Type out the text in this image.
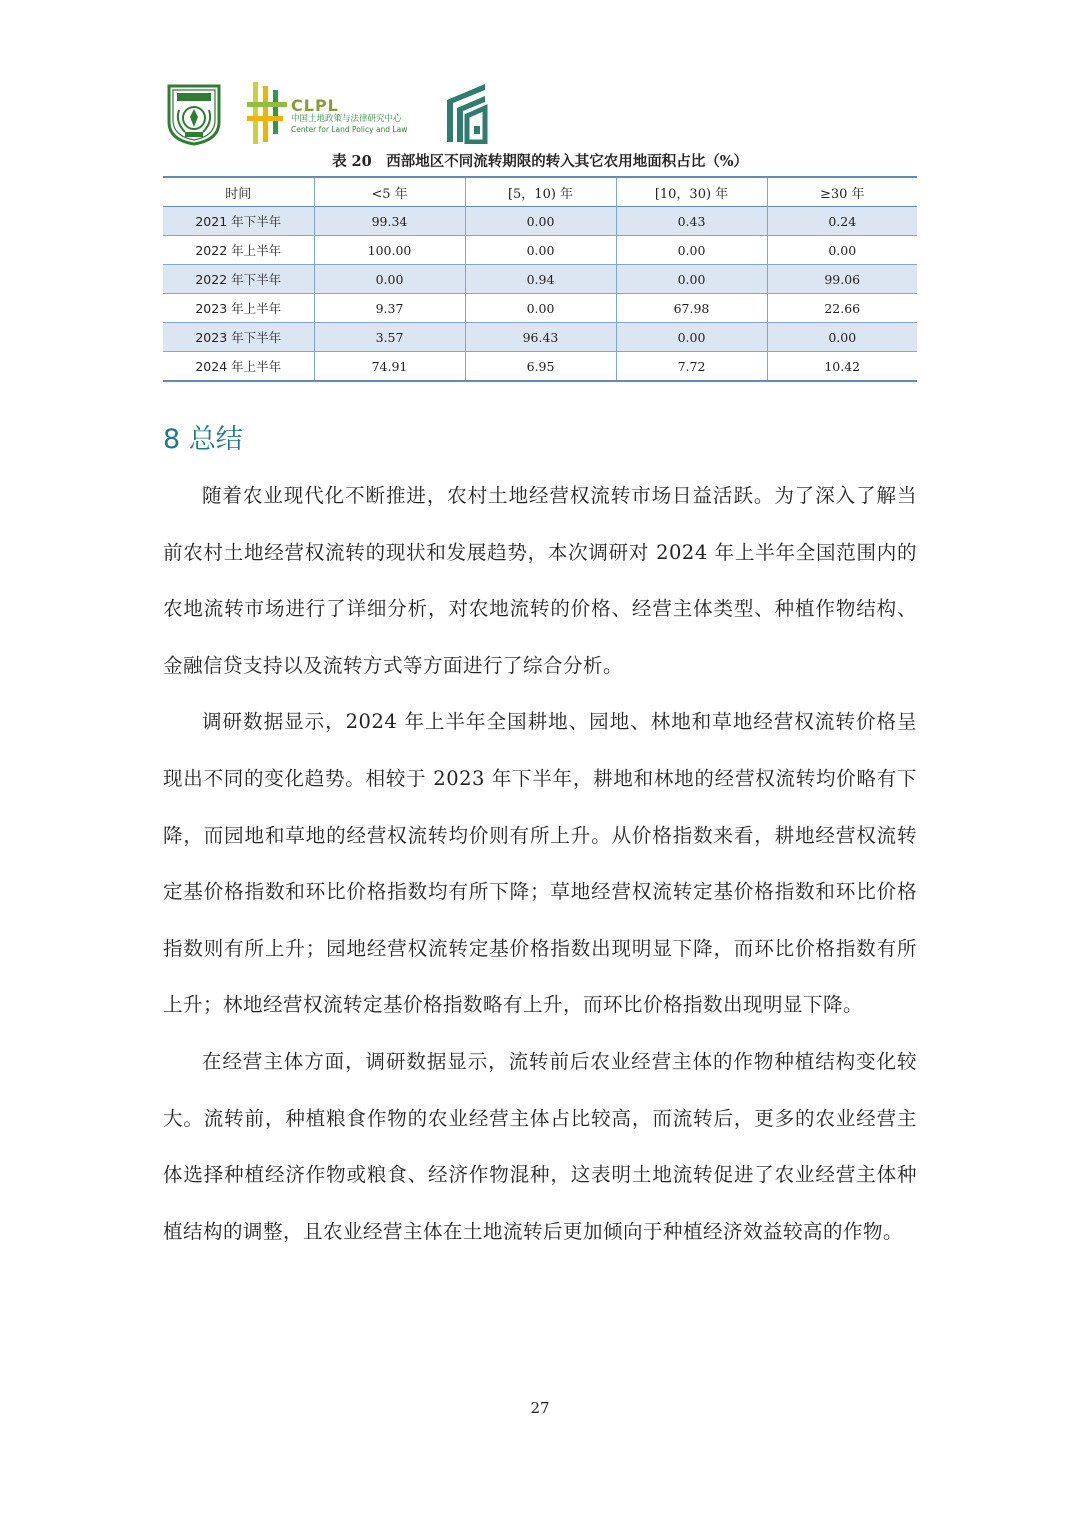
CLPL
中国土地政策与法律研究中心
Center for Land Policy and Law
表 20　西部地区不同流转期限的转入其它农用地面积占比（%）
时间	<5 年	[5，10) 年	[10，30) 年	≥30 年
2021 年下半年	99.34	0.00	0.43	0.24
2022 年上半年	100.00	0.00	0.00	0.00
2022 年下半年	0.00	0.94	0.00	99.06
2023 年上半年	9.37	0.00	67.98	22.66
2023 年下半年	3.57	96.43	0.00	0.00
2024 年上半年	74.91	6.95	7.72	10.42
8 总结

随着农业现代化不断推进，农村土地经营权流转市场日益活跃。为了深入了解当前农村土地经营权流转的现状和发展趋势，本次调研对 2024 年上半年全国范围内的农地流转市场进行了详细分析，对农地流转的价格、经营主体类型、种植作物结构、金融信贷支持以及流转方式等方面进行了综合分析。

调研数据显示，2024 年上半年全国耕地、园地、林地和草地经营权流转价格呈现出不同的变化趋势。相较于 2023 年下半年，耕地和林地的经营权流转均价略有下降，而园地和草地的经营权流转均价则有所上升。从价格指数来看，耕地经营权流转定基价格指数和环比价格指数均有所下降；草地经营权流转定基价格指数和环比价格指数则有所上升；园地经营权流转定基价格指数出现明显下降，而环比价格指数有所上升；林地经营权流转定基价格指数略有上升，而环比价格指数出现明显下降。

在经营主体方面，调研数据显示，流转前后农业经营主体的作物种植结构变化较大。流转前，种植粮食作物的农业经营主体占比较高，而流转后，更多的农业经营主体选择种植经济作物或粮食、经济作物混种，这表明土地流转促进了农业经营主体种植结构的调整，且农业经营主体在土地流转后更加倾向于种植经济效益较高的作物。

27
